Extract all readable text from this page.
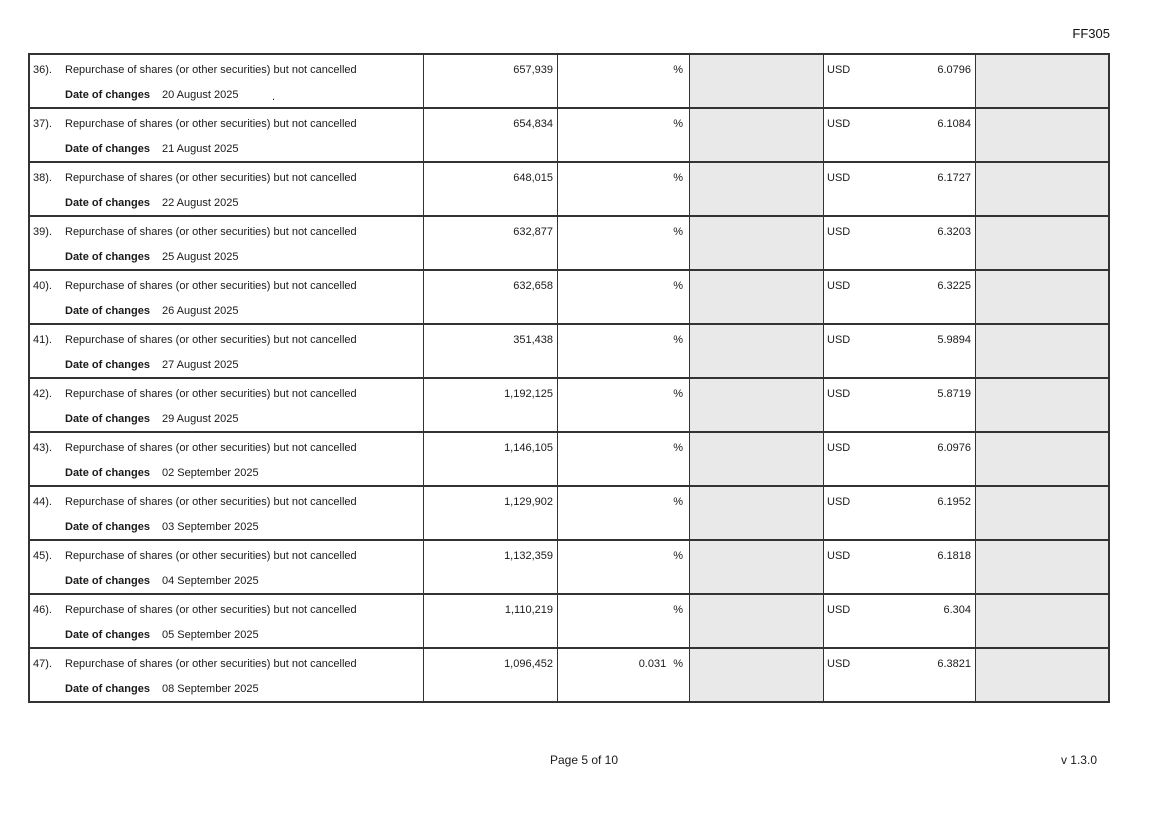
FF305
36). Repurchase of shares (or other securities) but not cancelled
Date of changes 20 August 2025	.
657,939	%	USD	6.0796
37). Repurchase of shares (or other securities) but not cancelled
Date of changes 21 August 2025
654,834	%	USD	6.1084
38). Repurchase of shares (or other securities) but not cancelled
Date of changes 22 August 2025
648,015	%	USD	6.1727
39). Repurchase of shares (or other securities) but not cancelled
Date of changes 25 August 2025
632,877	%	USD	6.3203
40). Repurchase of shares (or other securities) but not cancelled
Date of changes 26 August 2025
632,658	%	USD	6.3225
41). Repurchase of shares (or other securities) but not cancelled
Date of changes 27 August 2025
351,438	%	USD	5.9894
42). Repurchase of shares (or other securities) but not cancelled
Date of changes 29 August 2025
1,192,125	%	USD	5.8719
43). Repurchase of shares (or other securities) but not cancelled
Date of changes 02 September 2025
1,146,105	%	USD	6.0976
44). Repurchase of shares (or other securities) but not cancelled
Date of changes 03 September 2025
1,129,902	%	USD	6.1952
45). Repurchase of shares (or other securities) but not cancelled
Date of changes 04 September 2025
1,132,359	%	USD	6.1818
46). Repurchase of shares (or other securities) but not cancelled
Date of changes 05 September 2025
1,110,219	%	USD	6.304
47). Repurchase of shares (or other securities) but not cancelled
Date of changes 08 September 2025
1,096,452	0.031 %	USD	6.3821
Page 5 of 10	v 1.3.0
